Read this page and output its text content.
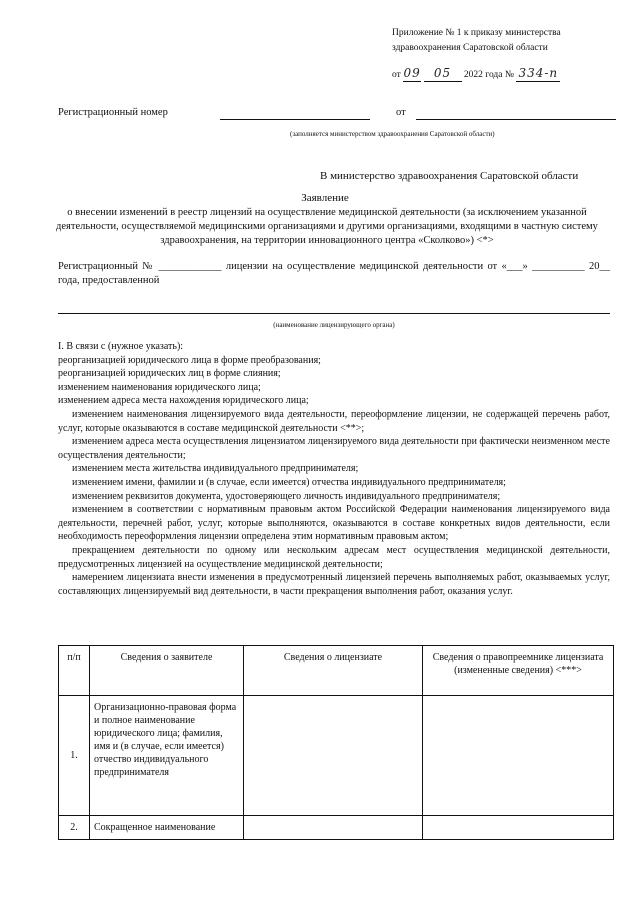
Приложение № 1 к приказу министерства
здравоохранения Саратовской области
от 09 05 2022 года № 334-п
Регистрационный номер	от
(заполняется министерством здравоохранения Саратовской области)
В министерство здравоохранения Саратовской области
Заявление
о внесении изменений в реестр лицензий на осуществление медицинской деятельности (за исключением указанной деятельности, осуществляемой медицинскими организациями и другими организациями, входящими в частную систему здравоохранения, на территории инновационного центра «Сколково») <*>
Регистрационный № ____________ лицензии на осуществление медицинской деятельности от «___» __________ 20__ года, предоставленной
(наименование лицензирующего органа)

I. В связи с (нужное указать):

реорганизацией юридического лица в форме преобразования;

реорганизацией юридических лиц в форме слияния;

изменением наименования юридического лица;

изменением адреса места нахождения юридического лица;

изменением наименования лицензируемого вида деятельности, переоформление лицензии, не содержащей перечень работ, услуг, которые оказываются в составе медицинской деятельности <**>;

изменением адреса места осуществления лицензиатом лицензируемого вида деятельности при фактически неизменном месте осуществления деятельности;

изменением места жительства индивидуального предпринимателя;

изменением имени, фамилии и (в случае, если имеется) отчества индивидуального предпринимателя;

изменением реквизитов документа, удостоверяющего личность индивидуального предпринимателя;

изменением в соответствии с нормативным правовым актом Российской Федерации наименования лицензируемого вида деятельности, перечней работ, услуг, которые выполняются, оказываются в составе конкретных видов деятельности, если необходимость переоформления лицензии определена этим нормативным правовым актом;

прекращением деятельности по одному или нескольким адресам мест осуществления медицинской деятельности, предусмотренных лицензией на осуществление медицинской деятельности;

намерением лицензиата внести изменения в предусмотренный лицензией перечень выполняемых работ, оказываемых услуг, составляющих лицензируемый вид деятельности, в части прекращения выполнения работ, оказания услуг.

п/п	Сведения о заявителе	Сведения о лицензиате	Сведения о правопреемнике лицензиата (измененные сведения) <***>
1.	Организационно-правовая форма и полное наименование юридического лица; фамилия, имя и (в случае, если имеется) отчество индивидуального предпринимателя		
2.	Сокращенное наименование		
